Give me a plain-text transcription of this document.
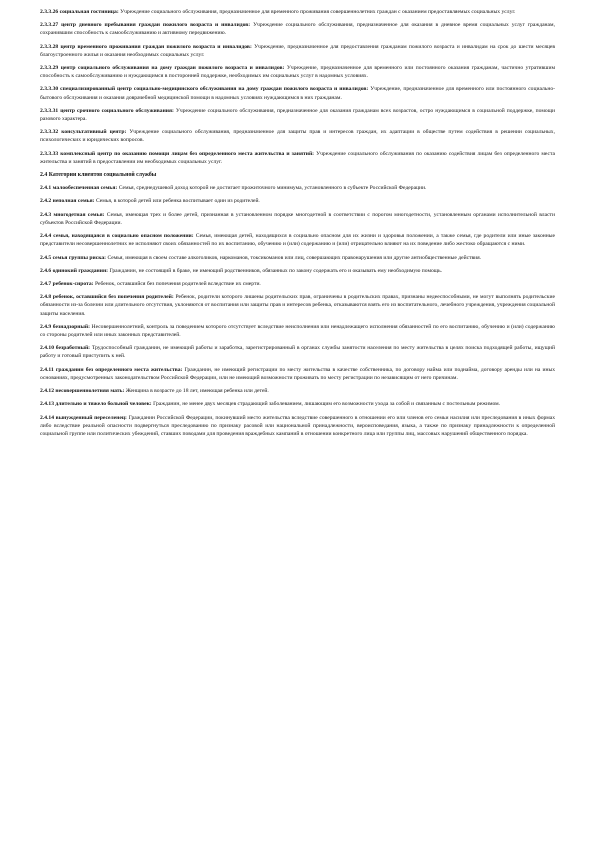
2.3.3.26 социальная гостиница: Учреждение социального обслуживания, предназначенное для временного проживания совершеннолетних граждан с оказанием предоставляемых социальных услуг.

2.3.3.27 центр дневного пребывания граждан пожилого возраста и инвалидов: Учреждение социального обслуживания, предназначенное для оказания в дневное время социальных услуг гражданам, сохранившим способность к самообслуживанию и активному передвижению.

2.3.3.28 центр временного проживания граждан пожилого возраста и инвалидов: Учреждение, предназначенное для предоставления гражданам пожилого возраста и инвалидам на срок до шести месяцев благоустроенного жилья и оказания необходимых социальных услуг.

2.3.3.29 центр социального обслуживания на дому граждан пожилого возраста и инвалидов: Учреждение, предназначенное для временного или постоянного оказания гражданам, частично утратившим способность к самообслуживанию и нуждающимся в посторонней поддержке, необходимых им социальных услуг в надомных условиях.

2.3.3.30 специализированный центр социально-медицинского обслуживания на дому граждан пожилого возраста и инвалидов: Учреждение, предназначенное для временного или постоянного социально-бытового обслуживания и оказания доврачебной медицинской помощи в надомных условиях нуждающимся в них гражданам.

2.3.3.31 центр срочного социального обслуживания: Учреждение социального обслуживания, предназначенное для оказания гражданам всех возрастов, остро нуждающимся в социальной поддержке, помощи разового характера.

2.3.3.32 консультативный центр: Учреждение социального обслуживания, предназначенное для защиты прав и интересов граждан, их адаптации в обществе путем содействия в решении социальных, психологических и юридических вопросов.

2.3.3.33 комплексный центр по оказанию помощи лицам без определенного места жительства и занятий: Учреждение социального обслуживания по оказанию содействия лицам без определенного места жительства и занятий в предоставлении им необходимых социальных услуг.

2.4 Категории клиентов социальной службы

2.4.1 малообеспеченная семья: Семья, среднедушевой доход которой не достигает прожиточного минимума, установленного в субъекте Российской Федерации.

2.4.2 неполная семья: Семья, в которой детей или ребенка воспитывает один из родителей.

2.4.3 многодетная семья: Семья, имеющая трех и более детей, признанная в установленном порядке многодетной в соответствии с порогом многодетности, установленным органами исполнительной власти субъектов Российской Федерации.

2.4.4 семья, находящаяся в социально опасном положении: Семья, имеющая детей, находящихся в социально опасном для их жизни и здоровья положении, а также семья, где родители или иные законные представители несовершеннолетних не исполняют своих обязанностей по их воспитанию, обучению и (или) содержанию и (или) отрицательно влияют на их поведение либо жестоко обращаются с ними.

2.4.5 семья группы риска: Семья, имеющая в своем составе алкоголиков, наркоманов, токсикоманов или лиц, совершающих правонарушения или другие антиобщественные действия.

2.4.6 одинокий гражданин: Гражданин, не состоящий в браке, не имеющий родственников, обязанных по закону содержать его и оказывать ему необходимую помощь.

2.4.7 ребенок-сирота: Ребенок, оставшийся без попечения родителей вследствие их смерти.

2.4.8 ребенок, оставшийся без попечения родителей: Ребенок, родители которого лишены родительских прав, ограничены в родительских правах, признаны недееспособными, не могут выполнять родительские обязанности из-за болезни или длительного отсутствия, уклоняются от воспитания или защиты прав и интересов ребенка, отказываются взять его из воспитательного, лечебного учреждения, учреждения социальной защиты населения.

2.4.9 безнадзорный: Несовершеннолетний, контроль за поведением которого отсутствует вследствие неисполнения или ненадлежащего исполнения обязанностей по его воспитанию, обучению и (или) содержанию со стороны родителей или иных законных представителей.

2.4.10 безработный: Трудоспособный гражданин, не имеющий работы и заработка, зарегистрированный в органах службы занятости населения по месту жительства в целях поиска подходящей работы, ищущий работу и готовый приступить к ней.

2.4.11 гражданин без определенного места жительства: Гражданин, не имеющий регистрации по месту жительства в качестве собственника, по договору найма или поднайма, договору аренды или на иных основаниях, предусмотренных законодательством Российской Федерации, или не имеющий возможности проживать по месту регистрации по независящим от него причинам.

2.4.12 несовершеннолетняя мать: Женщина в возрасте до 18 лет, имеющая ребенка или детей.

2.4.13 длительно и тяжело больной человек: Гражданин, не менее двух месяцев страдающий заболеванием, лишающим его возможности ухода за собой и связанным с постельным режимом.

2.4.14 вынужденный переселенец: Гражданин Российской Федерации, покинувший место жительства вследствие совершенного в отношении его или членов его семьи насилия или преследования в иных формах либо вследствие реальной опасности подвергнуться преследованию по признаку расовой или национальной принадлежности, вероисповедания, языка, а также по признаку принадлежности к определенной социальной группе или политических убеждений, ставших поводами для проведения враждебных кампаний в отношении конкретного лица или группы лиц, массовых нарушений общественного порядка.
